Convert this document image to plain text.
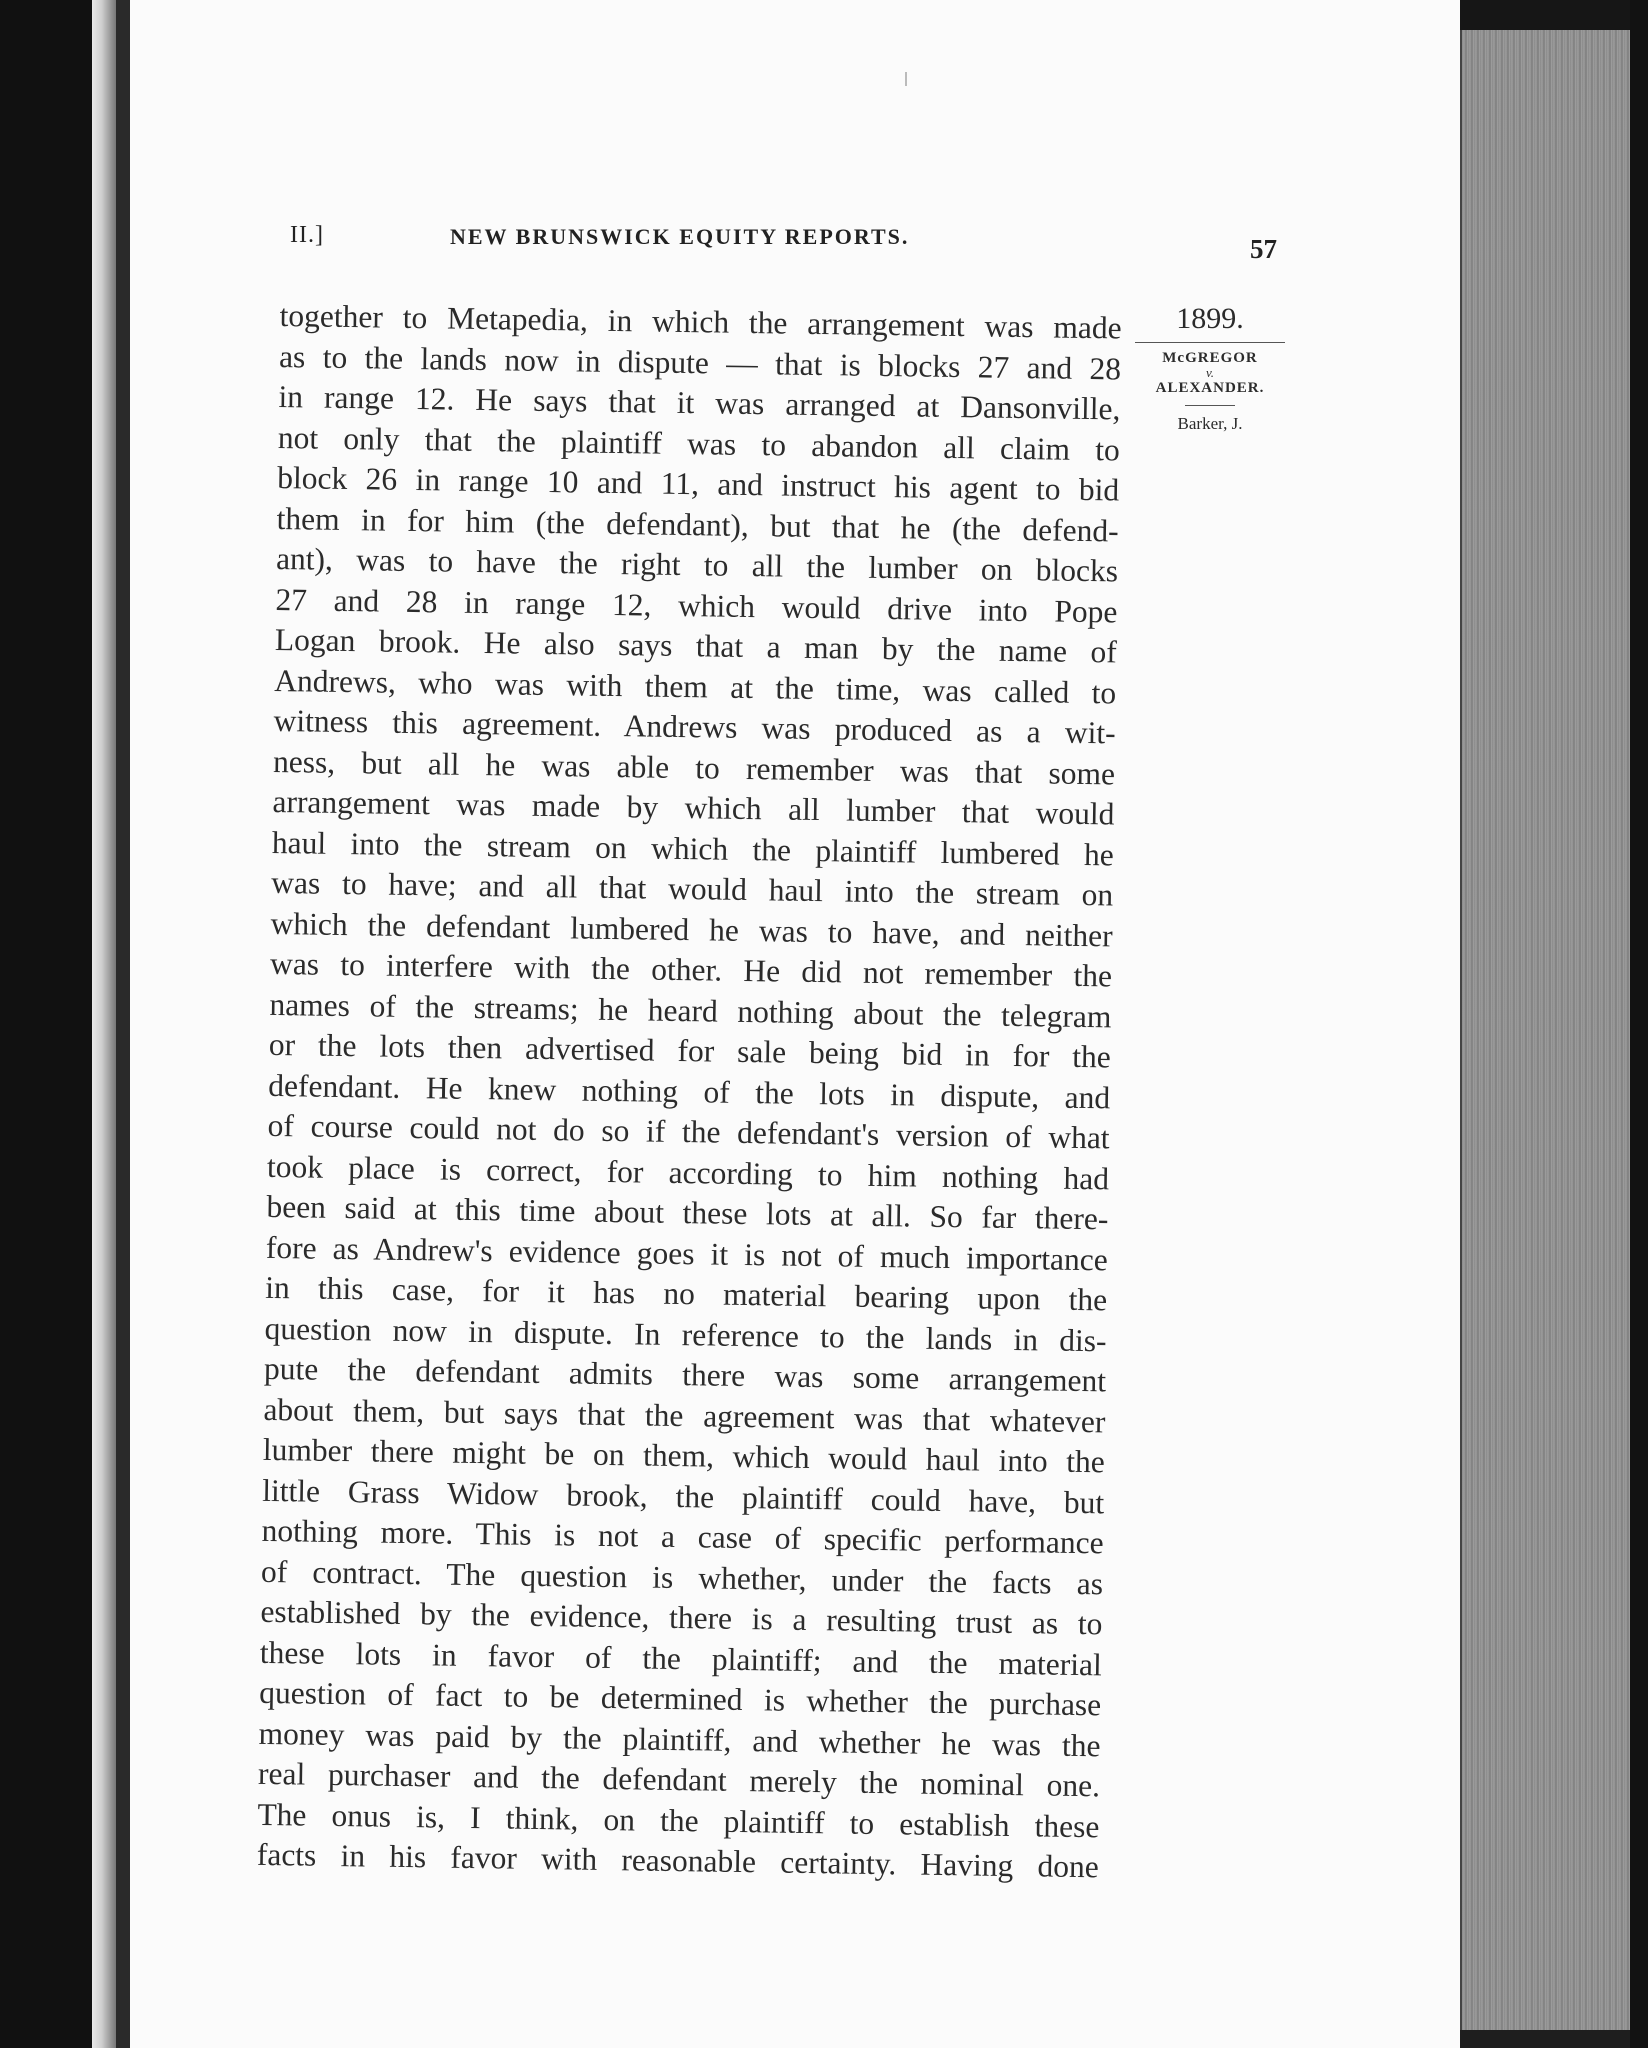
II.]	NEW BRUNSWICK EQUITY REPORTS.	57
1899.
McGREGOR
v.
ALEXANDER.
Barker, J.
together to Metapedia, in which the arrangement was made
as to the lands now in dispute — that is blocks 27 and 28
in range 12. He says that it was arranged at Dansonville,
not only that the plaintiff was to abandon all claim to
block 26 in range 10 and 11, and instruct his agent to bid
them in for him (the defendant), but that he (the defend-
ant), was to have the right to all the lumber on blocks
27 and 28 in range 12, which would drive into Pope
Logan brook. He also says that a man by the name of
Andrews, who was with them at the time, was called to
witness this agreement. Andrews was produced as a wit-
ness, but all he was able to remember was that some
arrangement was made by which all lumber that would
haul into the stream on which the plaintiff lumbered he
was to have; and all that would haul into the stream on
which the defendant lumbered he was to have, and neither
was to interfere with the other. He did not remember the
names of the streams; he heard nothing about the telegram
or the lots then advertised for sale being bid in for the
defendant. He knew nothing of the lots in dispute, and
of course could not do so if the defendant's version of what
took place is correct, for according to him nothing had
been said at this time about these lots at all. So far there-
fore as Andrew's evidence goes it is not of much importance
in this case, for it has no material bearing upon the
question now in dispute. In reference to the lands in dis-
pute the defendant admits there was some arrangement
about them, but says that the agreement was that whatever
lumber there might be on them, which would haul into the
little Grass Widow brook, the plaintiff could have, but
nothing more. This is not a case of specific performance
of contract. The question is whether, under the facts as
established by the evidence, there is a resulting trust as to
these lots in favor of the plaintiff; and the material
question of fact to be determined is whether the purchase
money was paid by the plaintiff, and whether he was the
real purchaser and the defendant merely the nominal one.
The onus is, I think, on the plaintiff to establish these
facts in his favor with reasonable certainty. Having done
